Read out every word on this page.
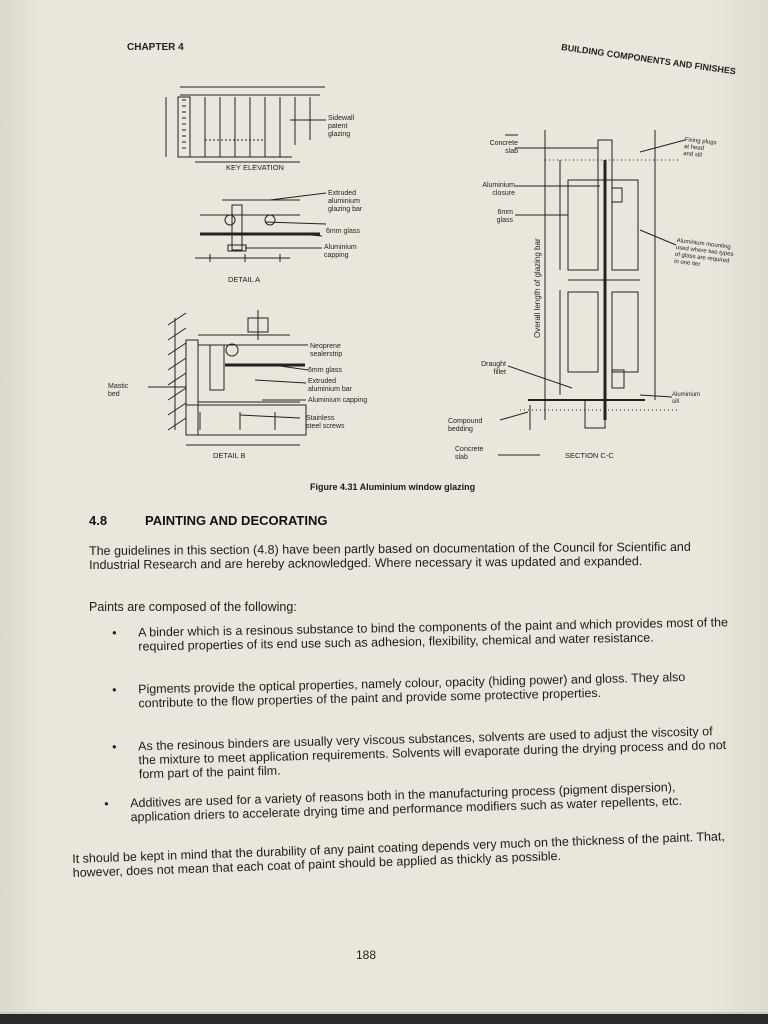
CHAPTER 4	BUILDING COMPONENTS AND FINISHES
Sidewall
patent
glazing
KEY ELEVATION
Extruded
aluminium
glazing bar
6mm glass
Aluminium
capping
DETAIL A
Neoprene
sealerstrip
6mm glass
Extruded
aluminium bar
Aluminium capping
Stainless
steel screws
Mastic
bed
DETAIL B
Concrete
slab
Aluminium
closure
6mm
glass
Overall length of glazing bar
Draught
fillet
Compound
bedding
Concrete
slab
Fixing plugs
at head
and sill
Aluminium mounting
used where two types
of glass are required
in one tier
Aluminium
sill
SECTION C-C
Figure 4.31 Aluminium window glazing
4.8	PAINTING AND DECORATING
The guidelines in this section (4.8) have been partly based on documentation of the Council for Scientific and Industrial Research and are hereby acknowledged. Where necessary it was updated and expanded.
Paints are composed of the following:
• A binder which is a resinous substance to bind the components of the paint and which provides most of the required properties of its end use such as adhesion, flexibility, chemical and water resistance.
• Pigments provide the optical properties, namely colour, opacity (hiding power) and gloss. They also contribute to the flow properties of the paint and provide some protective properties.
• As the resinous binders are usually very viscous substances, solvents are used to adjust the viscosity of the mixture to meet application requirements. Solvents will evaporate during the drying process and do not form part of the paint film.
• Additives are used for a variety of reasons both in the manufacturing process (pigment dispersion), application driers to accelerate drying time and performance modifiers such as water repellents, etc.
It should be kept in mind that the durability of any paint coating depends very much on the thickness of the paint. That, however, does not mean that each coat of paint should be applied as thickly as possible.
188
